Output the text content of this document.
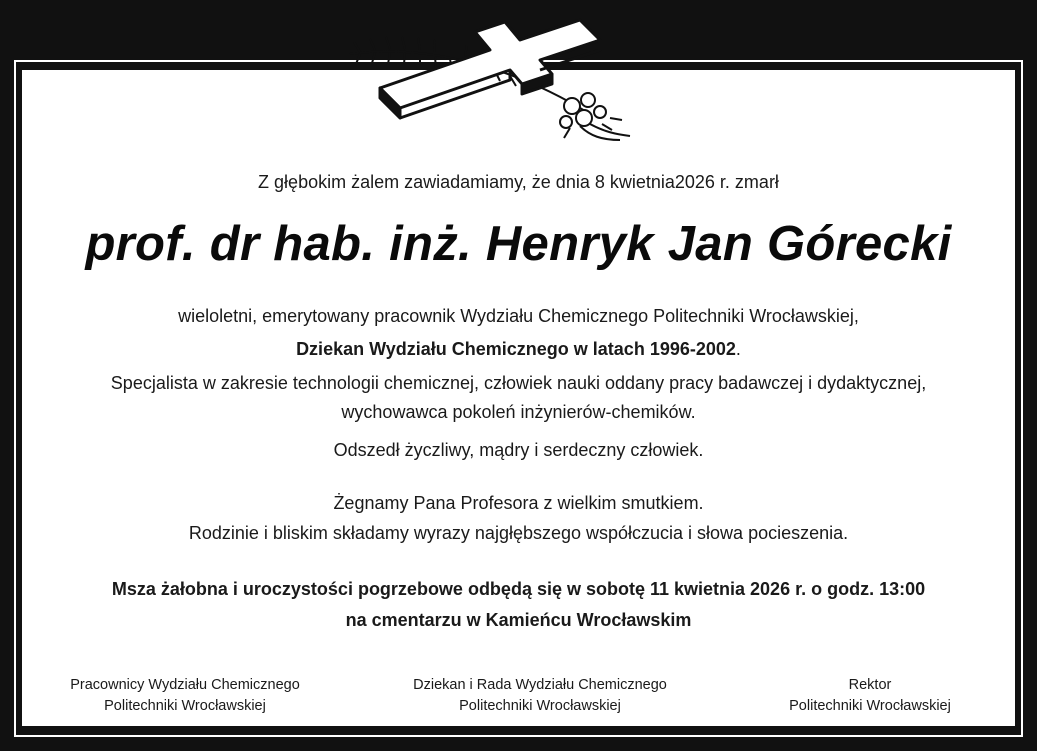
Z głębokim żalem zawiadamiamy, że dnia 8 kwietnia2026 r. zmarł
prof. dr hab. inż. Henryk Jan Górecki
wieloletni, emerytowany pracownik Wydziału Chemicznego Politechniki Wrocławskiej,
Dziekan Wydziału Chemicznego w latach 1996-2002.
Specjalista w zakresie technologii chemicznej, człowiek nauki oddany pracy badawczej i dydaktycznej,
wychowawca pokoleń inżynierów-chemików.
Odszedł życzliwy, mądry i serdeczny człowiek.
Żegnamy Pana Profesora z wielkim smutkiem.
Rodzinie i bliskim składamy wyrazy najgłębszego współczucia i słowa pocieszenia.
Msza żałobna i uroczystości pogrzebowe odbędą się w sobotę 11 kwietnia 2026 r. o godz. 13:00
na cmentarzu w Kamieńcu Wrocławskim
Pracownicy Wydziału Chemicznego
Politechniki Wrocławskiej
Dziekan i Rada Wydziału Chemicznego
Politechniki Wrocławskiej
Rektor
Politechniki Wrocławskiej
